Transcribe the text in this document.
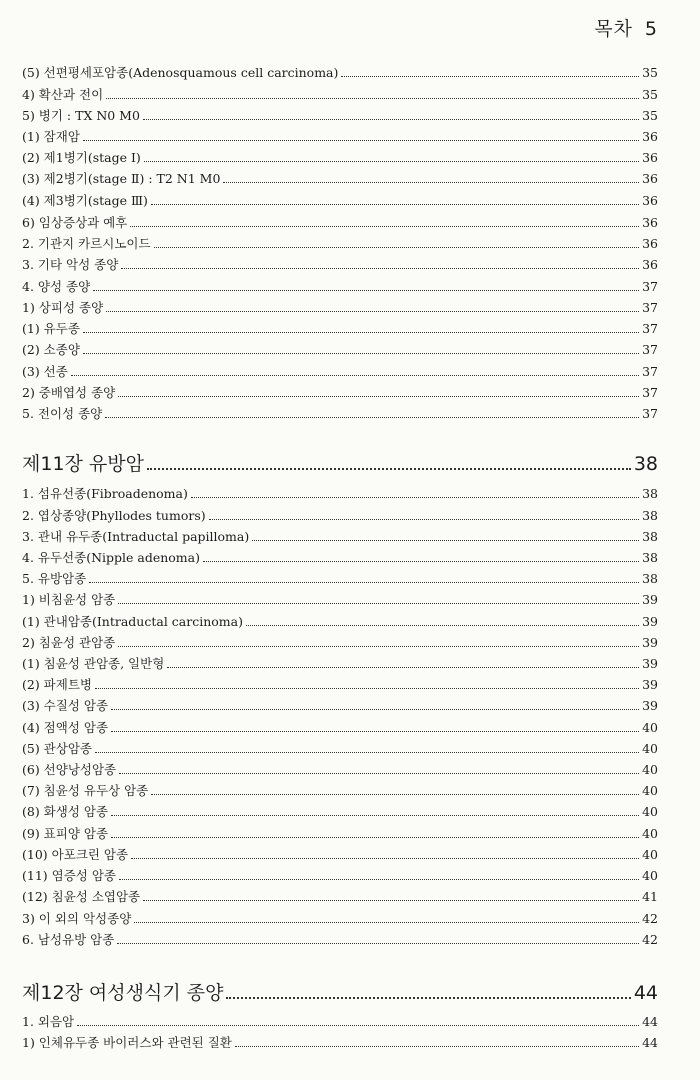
목차 5
(5) 선편평세포암종(Adenosquamous cell carcinoma)	35
4) 확산과 전이	35
5) 병기 : TX N0 M0	35
(1) 잠재암	36
(2) 제1병기(stage Ⅰ)	36
(3) 제2병기(stage Ⅱ) : T2 N1 M0	36
(4) 제3병기(stage Ⅲ)	36
6) 임상증상과 예후	36
2. 기관지 카르시노이드	36
3. 기타 악성 종양	36
4. 양성 종양	37
1) 상피성 종양	37
(1) 유두종	37
(2) 소종양	37
(3) 선종	37
2) 중배엽성 종양	37
5. 전이성 종양	37
제11장 유방암	38
1. 섬유선종(Fibroadenoma)	38
2. 엽상종양(Phyllodes tumors)	38
3. 관내 유두종(Intraductal papilloma)	38
4. 유두선종(Nipple adenoma)	38
5. 유방암종	38
1) 비침윤성 암종	39
(1) 관내암종(Intraductal carcinoma)	39
2) 침윤성 관암종	39
(1) 침윤성 관암종, 일반형	39
(2) 파제트병	39
(3) 수질성 암종	39
(4) 점액성 암종	40
(5) 관상암종	40
(6) 선양낭성암종	40
(7) 침윤성 유두상 암종	40
(8) 화생성 암종	40
(9) 표피양 암종	40
(10) 아포크린 암종	40
(11) 염증성 암종	40
(12) 침윤성 소엽암종	41
3) 이 외의 악성종양	42
6. 남성유방 암종	42
제12장 여성생식기 종양	44
1. 외음암	44
1) 인체유두종 바이러스와 관련된 질환	44
